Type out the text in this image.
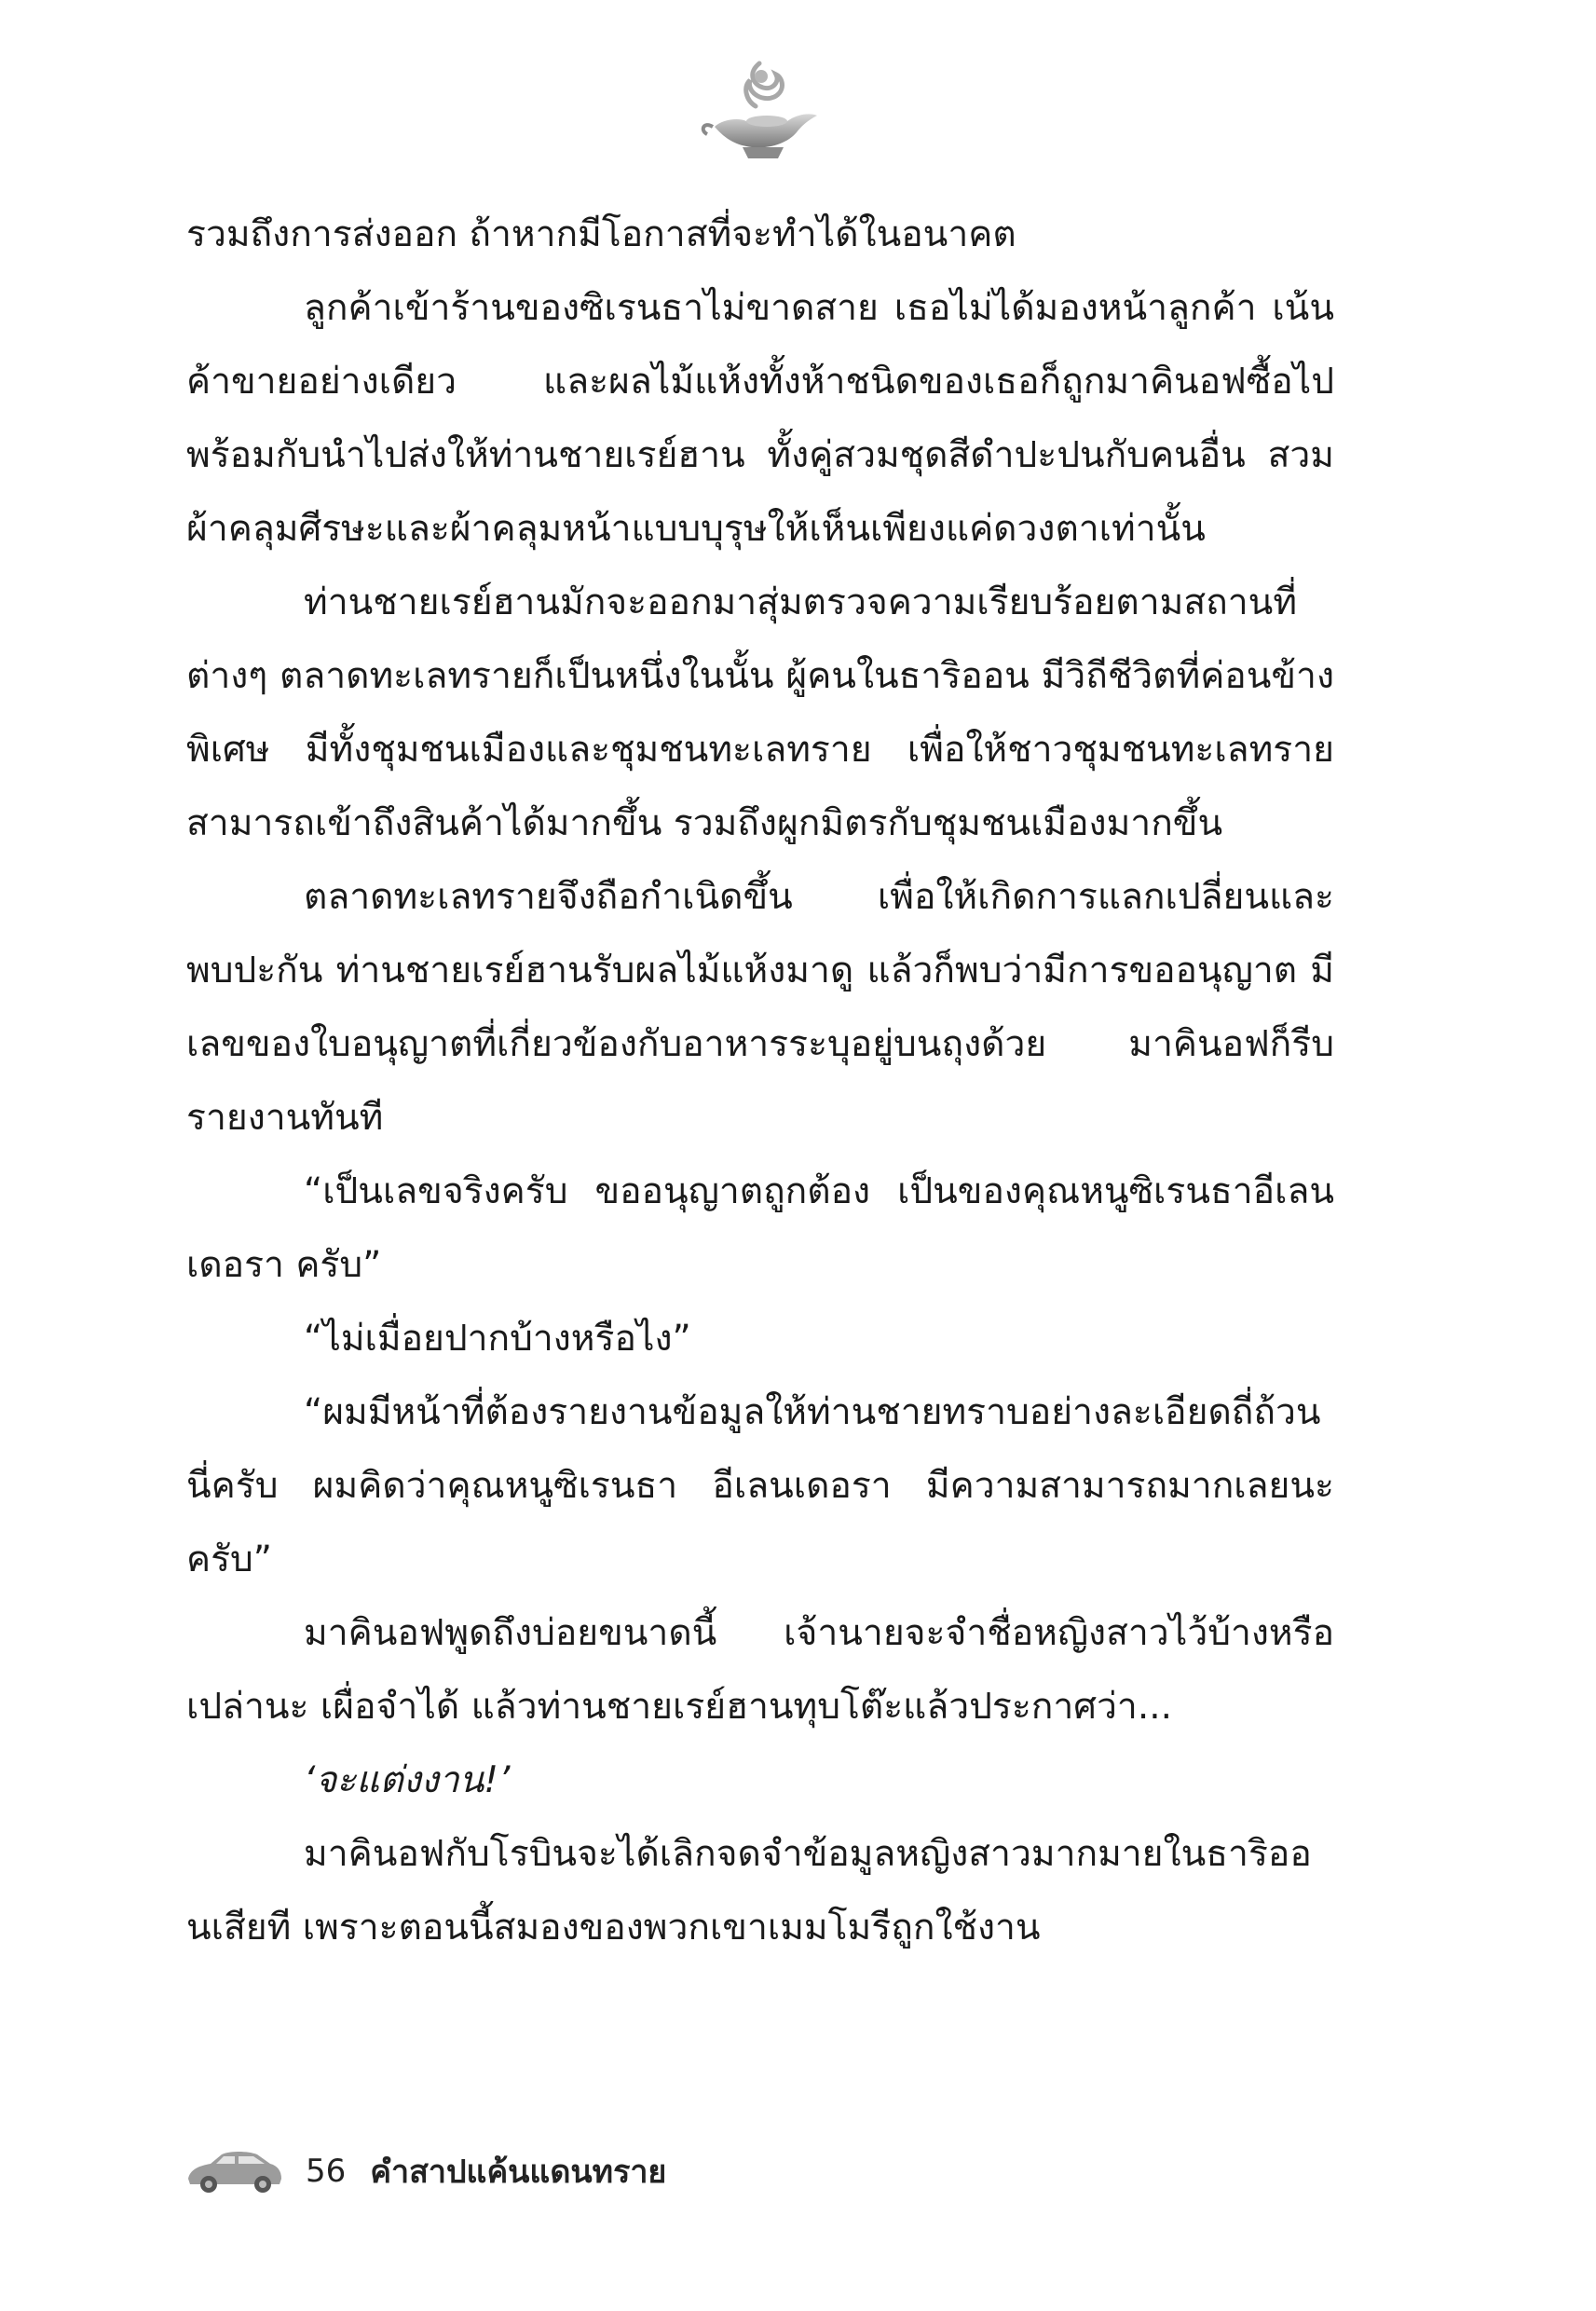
รวมถึงการส่งออก ถ้าหากมีโอกาสที่จะทำได้ในอนาคต

ลูกค้าเข้าร้านของซิเรนธาไม่ขาดสาย เธอไม่ได้มองหน้าลูกค้า เน้นค้าขายอย่างเดียว และผลไม้แห้งทั้งห้าชนิดของเธอก็ถูกมาคินอฟซื้อไป พร้อมกับนำไปส่งให้ท่านชายเรย์ฮาน ทั้งคู่สวมชุดสีดำปะปนกับคนอื่น สวมผ้าคลุมศีรษะและผ้าคลุมหน้าแบบบุรุษให้เห็นเพียงแค่ดวงตาเท่านั้น

ท่านชายเรย์ฮานมักจะออกมาสุ่มตรวจความเรียบร้อยตามสถานที่ต่างๆ ตลาดทะเลทรายก็เป็นหนึ่งในนั้น ผู้คนในธาริออน มีวิถีชีวิตที่ค่อนข้างพิเศษ มีทั้งชุมชนเมืองและชุมชนทะเลทราย เพื่อให้ชาวชุมชนทะเลทรายสามารถเข้าถึงสินค้าได้มากขึ้น รวมถึงผูกมิตรกับชุมชนเมืองมากขึ้น

ตลาดทะเลทรายจึงถือกำเนิดขึ้น เพื่อให้เกิดการแลกเปลี่ยนและพบปะกัน ท่านชายเรย์ฮานรับผลไม้แห้งมาดู แล้วก็พบว่ามีการขออนุญาต มีเลขของใบอนุญาตที่เกี่ยวข้องกับอาหารระบุอยู่บนถุงด้วย มาคินอฟก็รีบรายงานทันที

“เป็นเลขจริงครับ ขออนุญาตถูกต้อง เป็นของคุณหนูซิเรนธาอีเลนเดอรา ครับ”

“ไม่เมื่อยปากบ้างหรือไง”

“ผมมีหน้าที่ต้องรายงานข้อมูลให้ท่านชายทราบอย่างละเอียดถี่ถ้วนนี่ครับ ผมคิดว่าคุณหนูซิเรนธา อีเลนเดอรา มีความสามารถมากเลยนะครับ”

มาคินอฟพูดถึงบ่อยขนาดนี้ เจ้านายจะจำชื่อหญิงสาวไว้บ้างหรือเปล่านะ เผื่อจำได้ แล้วท่านชายเรย์ฮานทุบโต๊ะแล้วประกาศว่า...

‘จะแต่งงาน!’

มาคินอฟกับโรบินจะได้เลิกจดจำข้อมูลหญิงสาวมากมายในธาริออนเสียที เพราะตอนนี้สมองของพวกเขาเมมโมรีถูกใช้งาน

56 คำสาปแค้นแดนทราย
